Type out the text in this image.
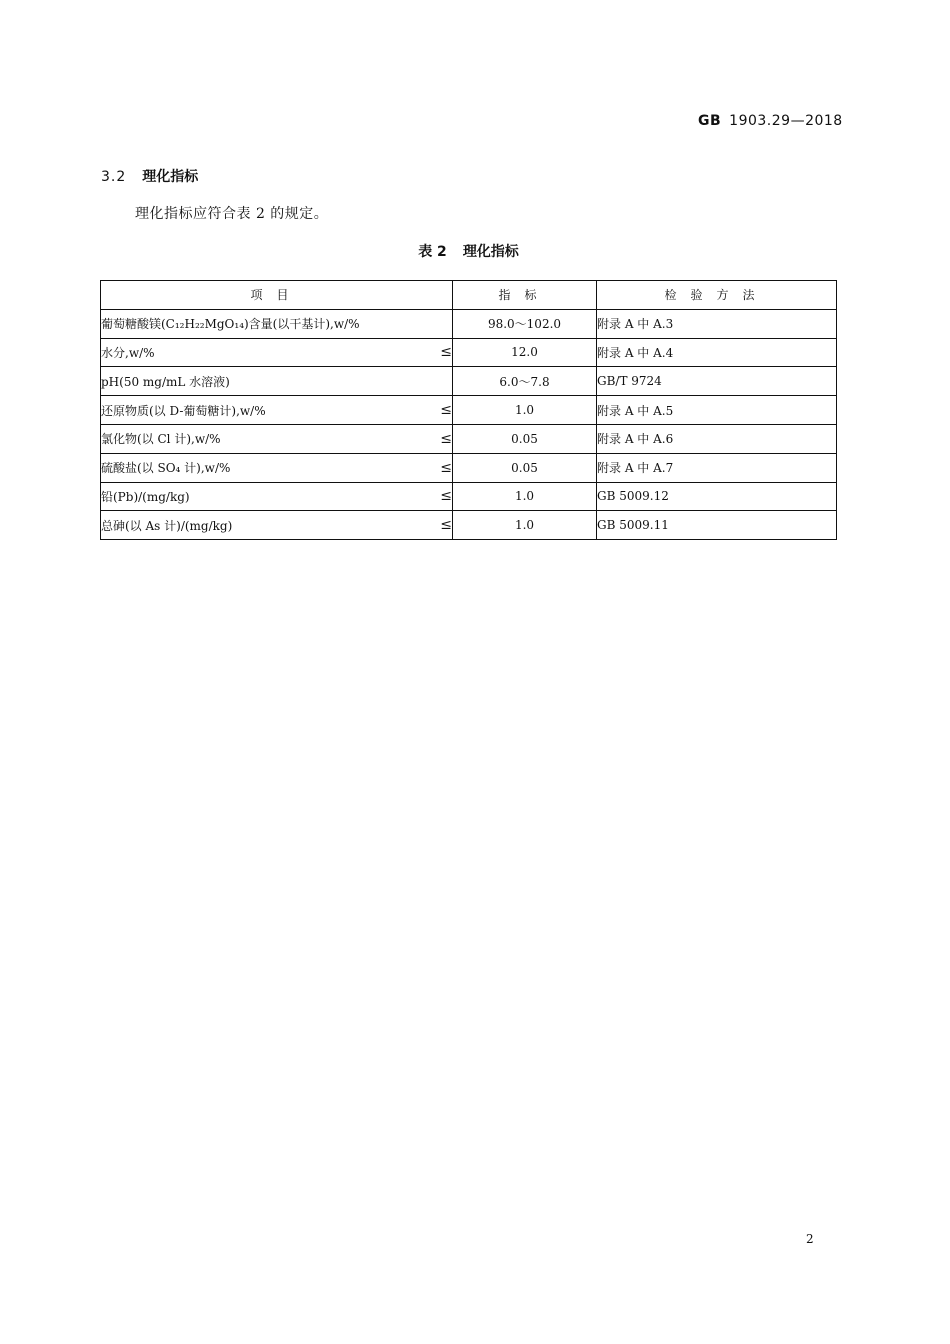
GB 1903.29—2018
3.2 理化指标
理化指标应符合表 2 的规定。
表 2 理化指标
项目	指标	检验方法

葡萄糖酸镁(C₁₂H₂₂MgO₁₄)含量(以干基计),w/%	98.0～102.0	附录 A 中 A.3

水分,w/% ≤	12.0	附录 A 中 A.4

pH(50 mg/mL 水溶液)	6.0～7.8	GB/T 9724

还原物质(以 D-葡萄糖计),w/% ≤	1.0	附录 A 中 A.5

氯化物(以 Cl 计),w/% ≤	0.05	附录 A 中 A.6

硫酸盐(以 SO₄ 计),w/% ≤	0.05	附录 A 中 A.7

铅(Pb)/(mg/kg) ≤	1.0	GB 5009.12

总砷(以 As 计)/(mg/kg) ≤	1.0	GB 5009.11
2
